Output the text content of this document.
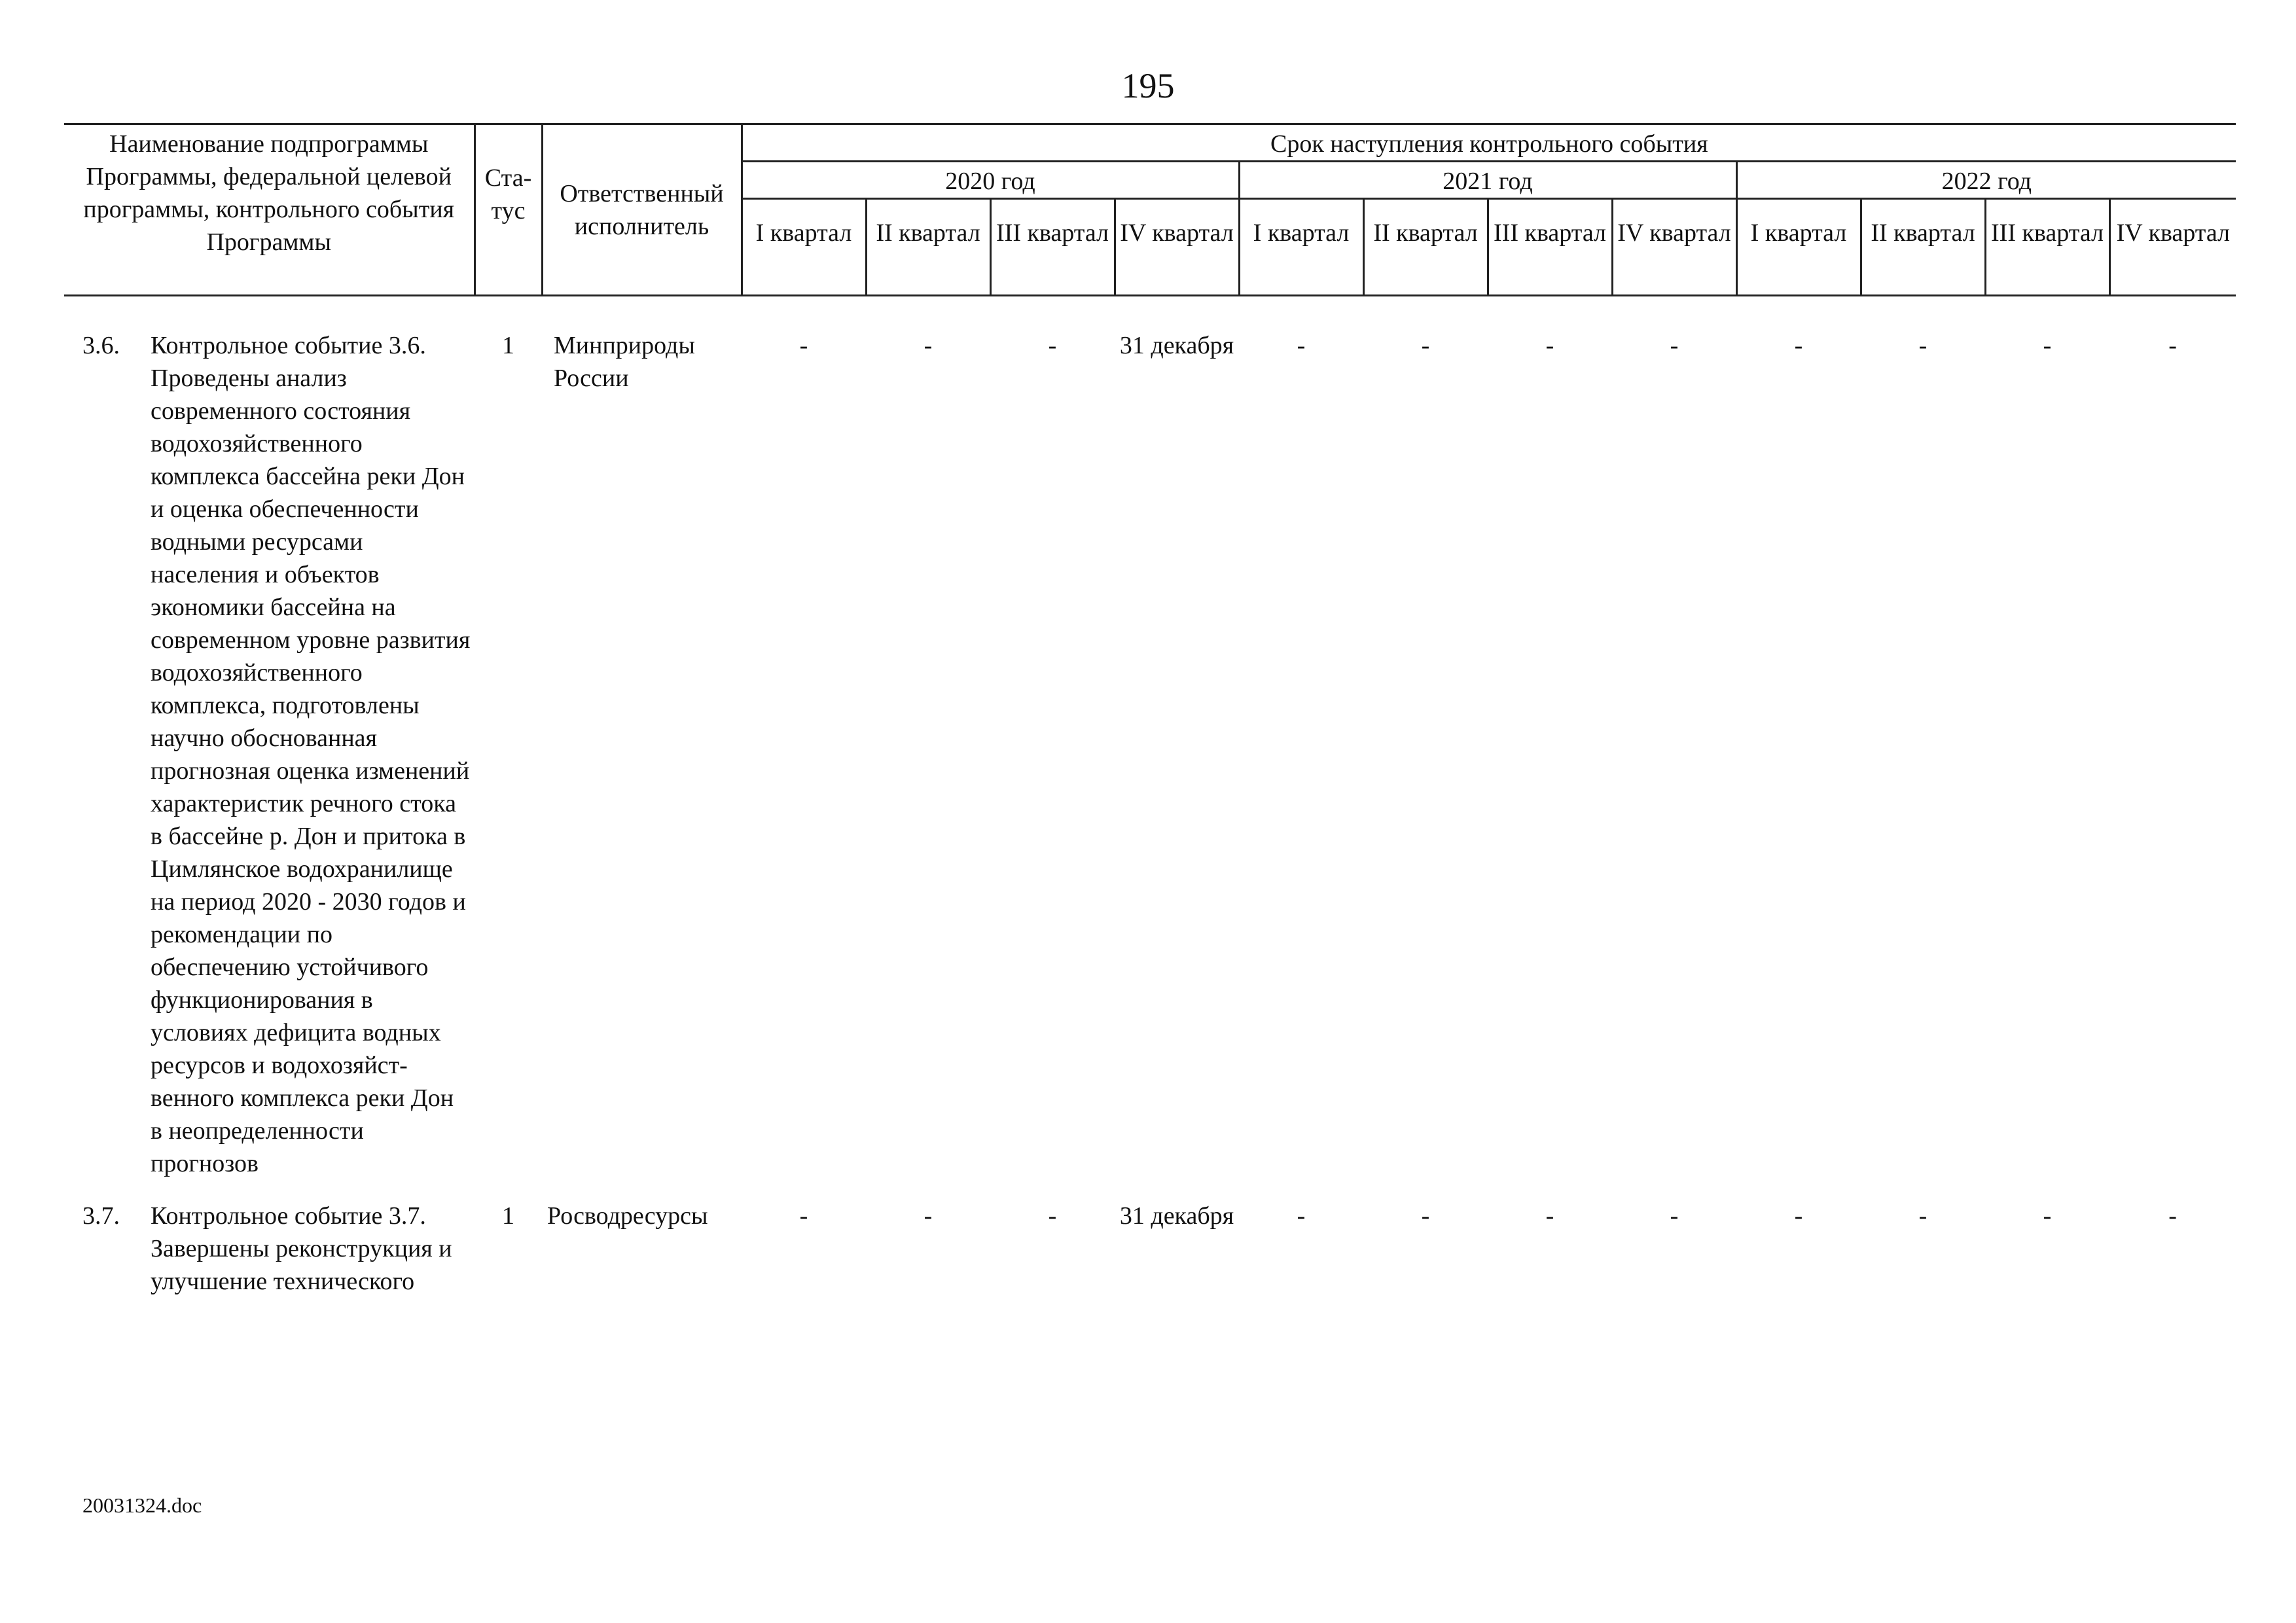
195
Наименование подпрограммы Программы, федеральной целевой программы, контрольного события Программы	Ста- тус	Ответственный исполнитель	Срок наступления контрольного события											
			2020 год				2021 год				2022 год			
			I квартал	II квартал	III квартал	IV квартал	I квартал	II квартал	III квартал	IV квартал	I квартал	II квартал	III квартал	IV квартал

3.6. Контрольное событие 3.6. Проведены анализ современного состояния водохозяйственного комплекса бассейна реки Дон и оценка обеспеченности водными ресурсами населения и объектов экономики бассейна на современном уровне развития водохозяйственного комплекса, подготовлены научно обоснованная прогнозная оценка изменений характеристик речного стока в бассейне р. Дон и притока в Цимлянское водохранилище на период 2020 - 2030 годов и рекомендации по обеспечению устойчивого функционирования в условиях дефицита водных ресурсов и водохозяйст- венного комплекса реки Дон в неопределенности прогнозов	1	Минприроды России	-	-	-	31 декабря	-	-	-	-	-	-	-	-

3.7. Контрольное событие 3.7. Завершены реконструкция и улучшение технического	1	Росводресурсы	-	-	-	31 декабря	-	-	-	-	-	-	-	-
20031324.doc
